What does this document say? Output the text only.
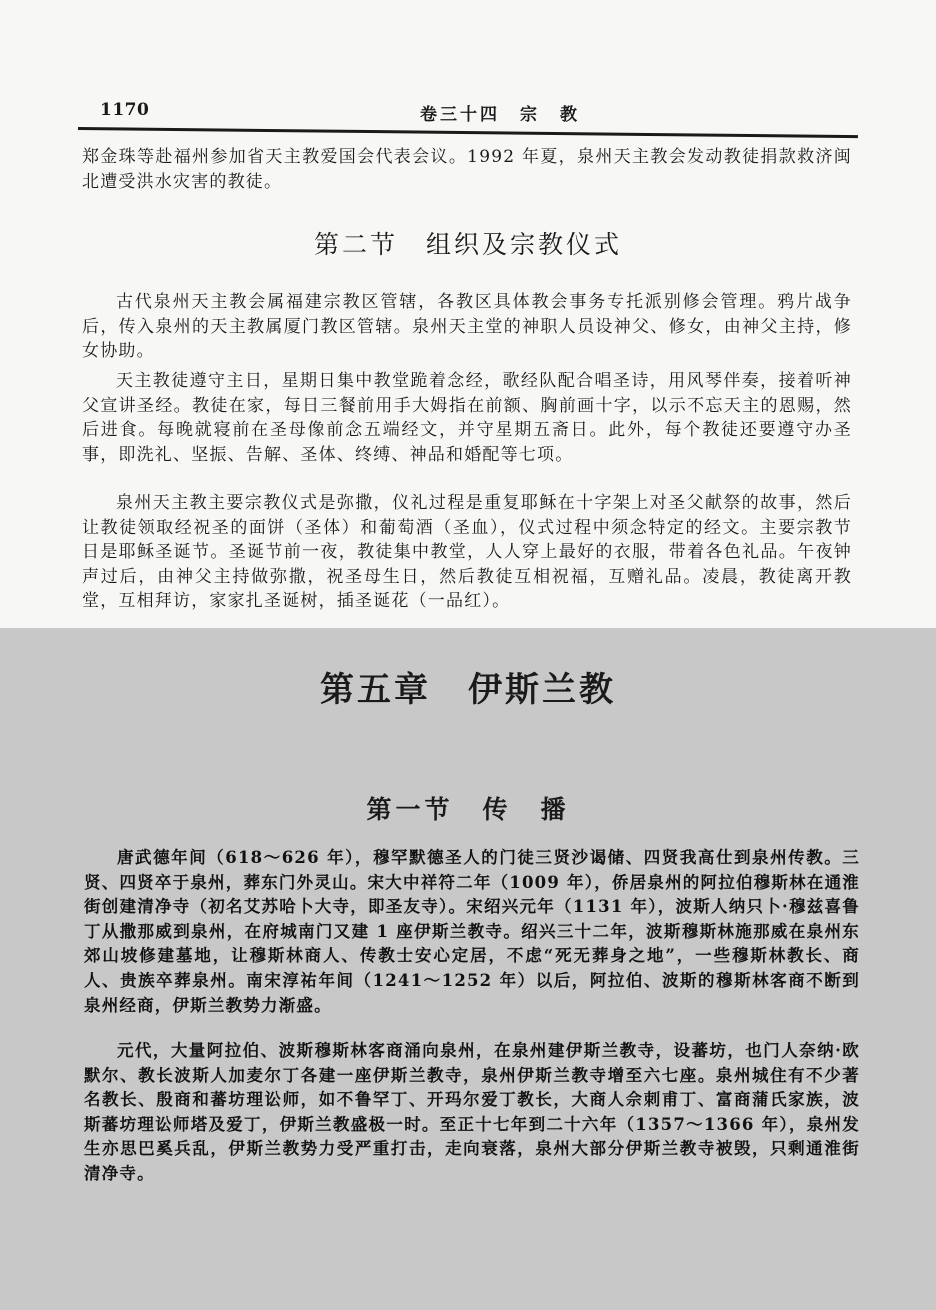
1170	卷三十四　宗　教

郑金珠等赴福州参加省天主教爱国会代表会议。1992 年夏，泉州天主教会发动教徒捐款救济闽北遭受洪水灾害的教徒。

第二节　组织及宗教仪式

古代泉州天主教会属福建宗教区管辖，各教区具体教会事务专托派别修会管理。鸦片战争后，传入泉州的天主教属厦门教区管辖。泉州天主堂的神职人员设神父、修女，由神父主持，修女协助。

天主教徒遵守主日，星期日集中教堂跪着念经，歌经队配合唱圣诗，用风琴伴奏，接着听神父宣讲圣经。教徒在家，每日三餐前用手大姆指在前额、胸前画十字，以示不忘天主的恩赐，然后进食。每晚就寝前在圣母像前念五端经文，并守星期五斋日。此外，每个教徒还要遵守办圣事，即洗礼、坚振、告解、圣体、终缚、神品和婚配等七项。

泉州天主教主要宗教仪式是弥撒，仪礼过程是重复耶稣在十字架上对圣父献祭的故事，然后让教徒领取经祝圣的面饼（圣体）和葡萄酒（圣血），仪式过程中须念特定的经文。主要宗教节日是耶稣圣诞节。圣诞节前一夜，教徒集中教堂，人人穿上最好的衣服，带着各色礼品。午夜钟声过后，由神父主持做弥撒，祝圣母生日，然后教徒互相祝福，互赠礼品。凌晨，教徒离开教堂，互相拜访，家家扎圣诞树，插圣诞花（一品红）。

第五章　伊斯兰教
第一节　传　播

唐武德年间（618～626 年），穆罕默德圣人的门徒三贤沙谒储、四贤我高仕到泉州传教。三贤、四贤卒于泉州，葬东门外灵山。宋大中祥符二年（1009 年），侨居泉州的阿拉伯穆斯林在通淮街创建清净寺（初名艾苏哈卜大寺，即圣友寺）。宋绍兴元年（1131 年），波斯人纳只卜·穆兹喜鲁丁从撒那威到泉州，在府城南门又建 1 座伊斯兰教寺。绍兴三十二年，波斯穆斯林施那威在泉州东郊山坡修建墓地，让穆斯林商人、传教士安心定居，不虑“死无葬身之地”，一些穆斯林教长、商人、贵族卒葬泉州。南宋淳祐年间（1241～1252 年）以后，阿拉伯、波斯的穆斯林客商不断到泉州经商，伊斯兰教势力渐盛。

元代，大量阿拉伯、波斯穆斯林客商涌向泉州，在泉州建伊斯兰教寺，设蕃坊，也门人奈纳·欧默尔、教长波斯人加麦尔丁各建一座伊斯兰教寺，泉州伊斯兰教寺增至六七座。泉州城住有不少著名教长、殷商和蕃坊理讼师，如不鲁罕丁、开玛尔爱丁教长，大商人佘刺甫丁、富商蒲氏家族，波斯蕃坊理讼师塔及爱丁，伊斯兰教盛极一时。至正十七年到二十六年（1357～1366 年），泉州发生亦思巴奚兵乱，伊斯兰教势力受严重打击，走向衰落，泉州大部分伊斯兰教寺被毁，只剩通淮街清净寺。
